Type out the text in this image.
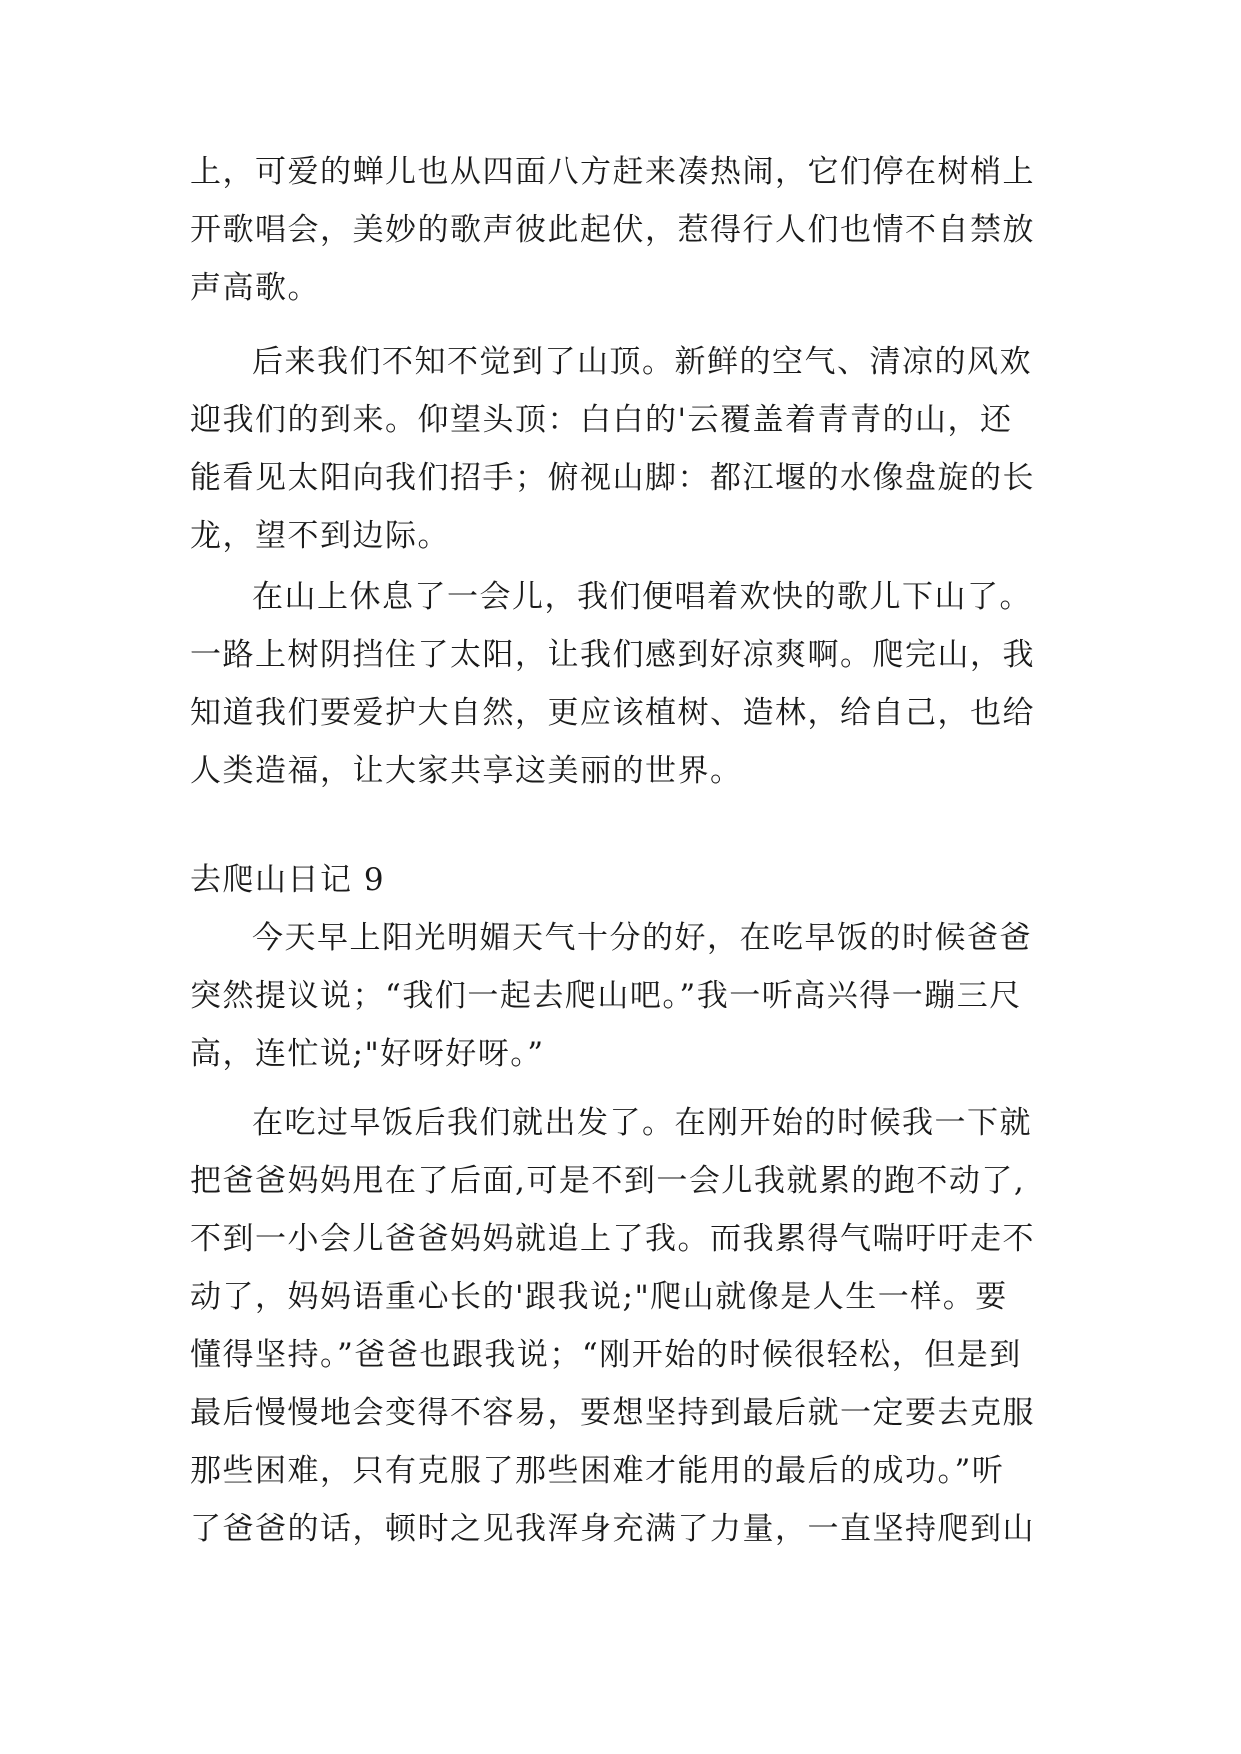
上，可爱的蝉儿也从四面八方赶来凑热闹，它们停在树梢上
开歌唱会，美妙的歌声彼此起伏，惹得行人们也情不自禁放
声高歌。
后来我们不知不觉到了山顶。新鲜的空气、清凉的风欢
迎我们的到来。仰望头顶：白白的'云覆盖着青青的山，还
能看见太阳向我们招手；俯视山脚：都江堰的水像盘旋的长
龙，望不到边际。
在山上休息了一会儿，我们便唱着欢快的歌儿下山了。
一路上树阴挡住了太阳，让我们感到好凉爽啊。爬完山，我
知道我们要爱护大自然，更应该植树、造林，给自己，也给
人类造福，让大家共享这美丽的世界。
去爬山日记 9
今天早上阳光明媚天气十分的好，在吃早饭的时候爸爸
突然提议说；“我们一起去爬山吧。”我一听高兴得一蹦三尺
高，连忙说;"好呀好呀。”
在吃过早饭后我们就出发了。在刚开始的时候我一下就
把爸爸妈妈甩在了后面,可是不到一会儿我就累的跑不动了,
不到一小会儿爸爸妈妈就追上了我。而我累得气喘吁吁走不
动了，妈妈语重心长的'跟我说;"爬山就像是人生一样。要
懂得坚持。”爸爸也跟我说；“刚开始的时候很轻松，但是到
最后慢慢地会变得不容易，要想坚持到最后就一定要去克服
那些困难，只有克服了那些困难才能用的最后的成功。”听
了爸爸的话，顿时之见我浑身充满了力量，一直坚持爬到山
